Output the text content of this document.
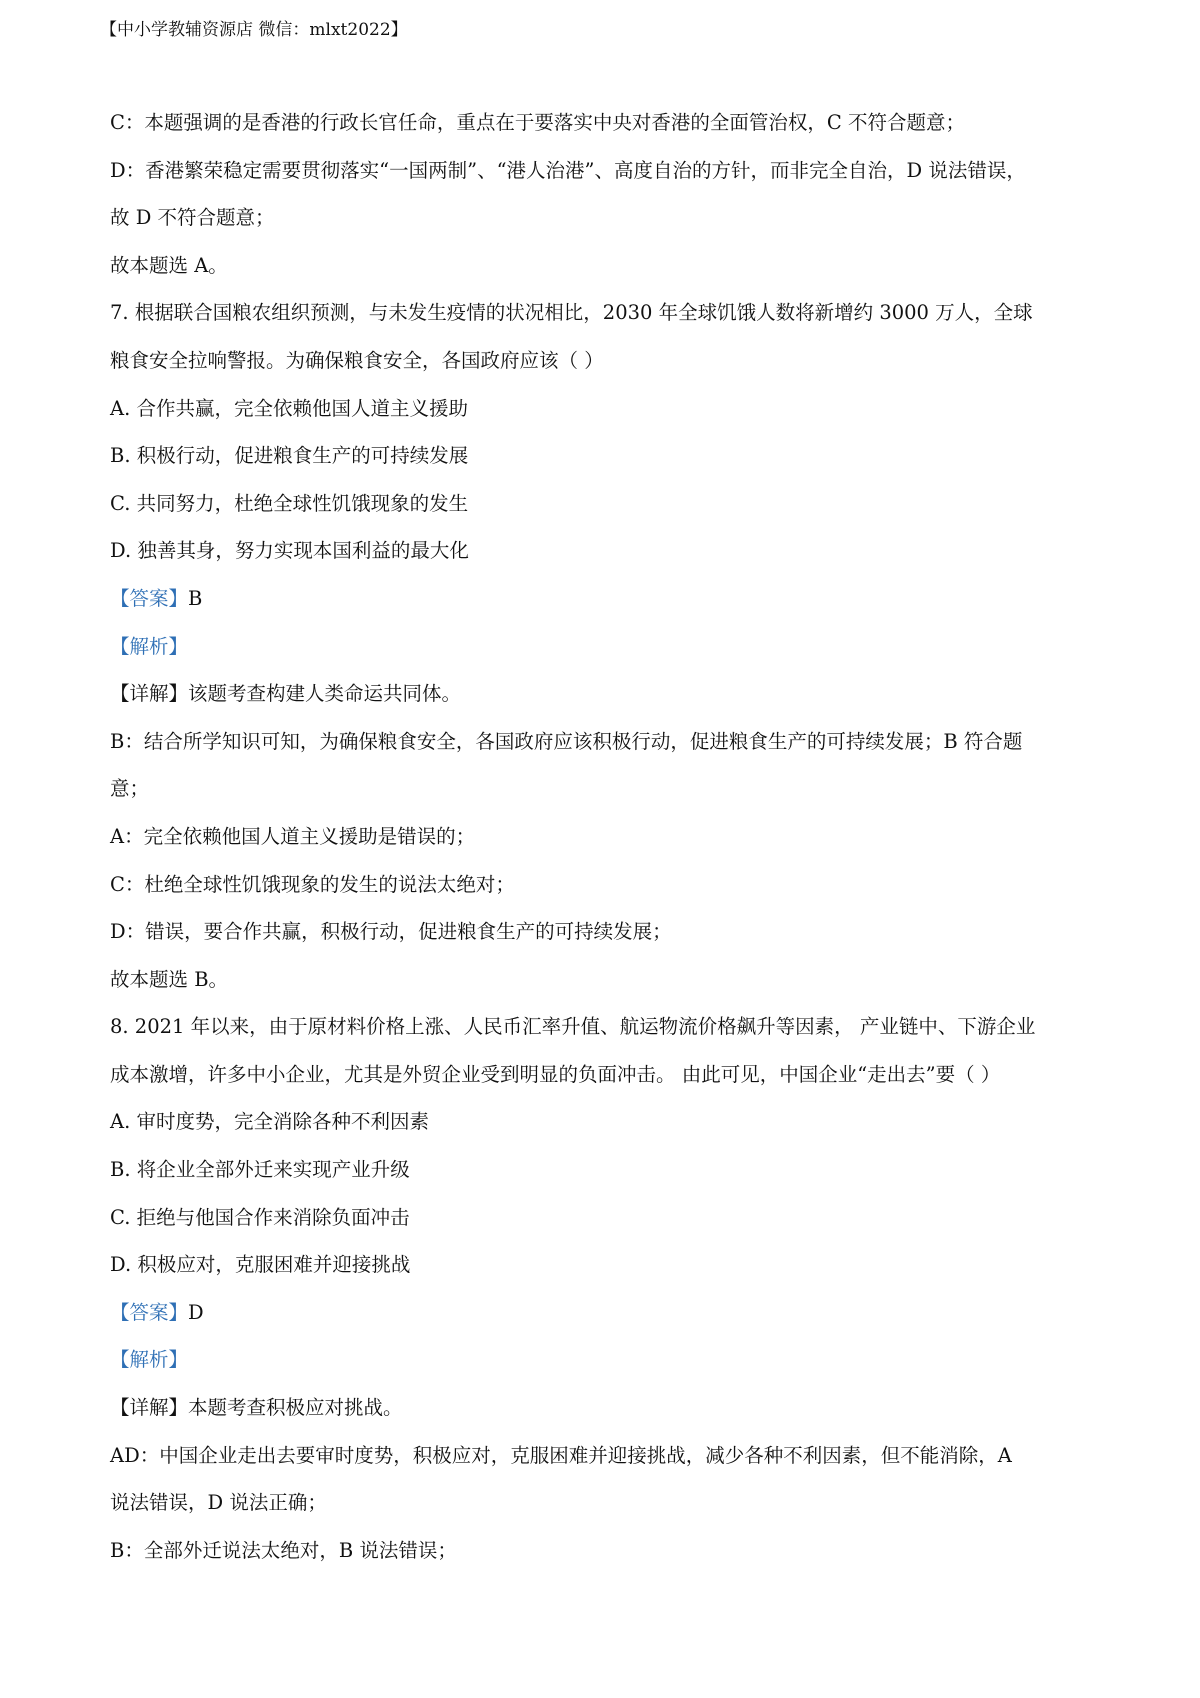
【中小学教辅资源店 微信：mlxt2022】
C：本题强调的是香港的行政长官任命，重点在于要落实中央对香港的全面管治权，C 不符合题意；
D：香港繁荣稳定需要贯彻落实“一国两制”、“港人治港”、高度自治的方针，而非完全自治，D 说法错误，
故 D 不符合题意；
故本题选 A。
7. 根据联合国粮农组织预测，与未发生疫情的状况相比，2030 年全球饥饿人数将新增约 3000 万人，全球
粮食安全拉响警报。为确保粮食安全，各国政府应该（ ）
A. 合作共赢，完全依赖他国人道主义援助
B. 积极行动，促进粮食生产的可持续发展
C. 共同努力，杜绝全球性饥饿现象的发生
D. 独善其身，努力实现本国利益的最大化
【答案】B
【解析】
【详解】该题考查构建人类命运共同体。
B：结合所学知识可知，为确保粮食安全，各国政府应该积极行动，促进粮食生产的可持续发展；B 符合题
意；
A：完全依赖他国人道主义援助是错误的；
C：杜绝全球性饥饿现象的发生的说法太绝对；
D：错误，要合作共赢，积极行动，促进粮食生产的可持续发展；
故本题选 B。
8. 2021 年以来，由于原材料价格上涨、人民币汇率升值、航运物流价格飙升等因素， 产业链中、下游企业
成本激增，许多中小企业，尤其是外贸企业受到明显的负面冲击。 由此可见，中国企业“走出去”要（ ）
A. 审时度势，完全消除各种不利因素
B. 将企业全部外迁来实现产业升级
C. 拒绝与他国合作来消除负面冲击
D. 积极应对，克服困难并迎接挑战
【答案】D
【解析】
【详解】本题考查积极应对挑战。
AD：中国企业走出去要审时度势，积极应对，克服困难并迎接挑战，减少各种不利因素，但不能消除，A
说法错误，D 说法正确；
B：全部外迁说法太绝对，B 说法错误；
